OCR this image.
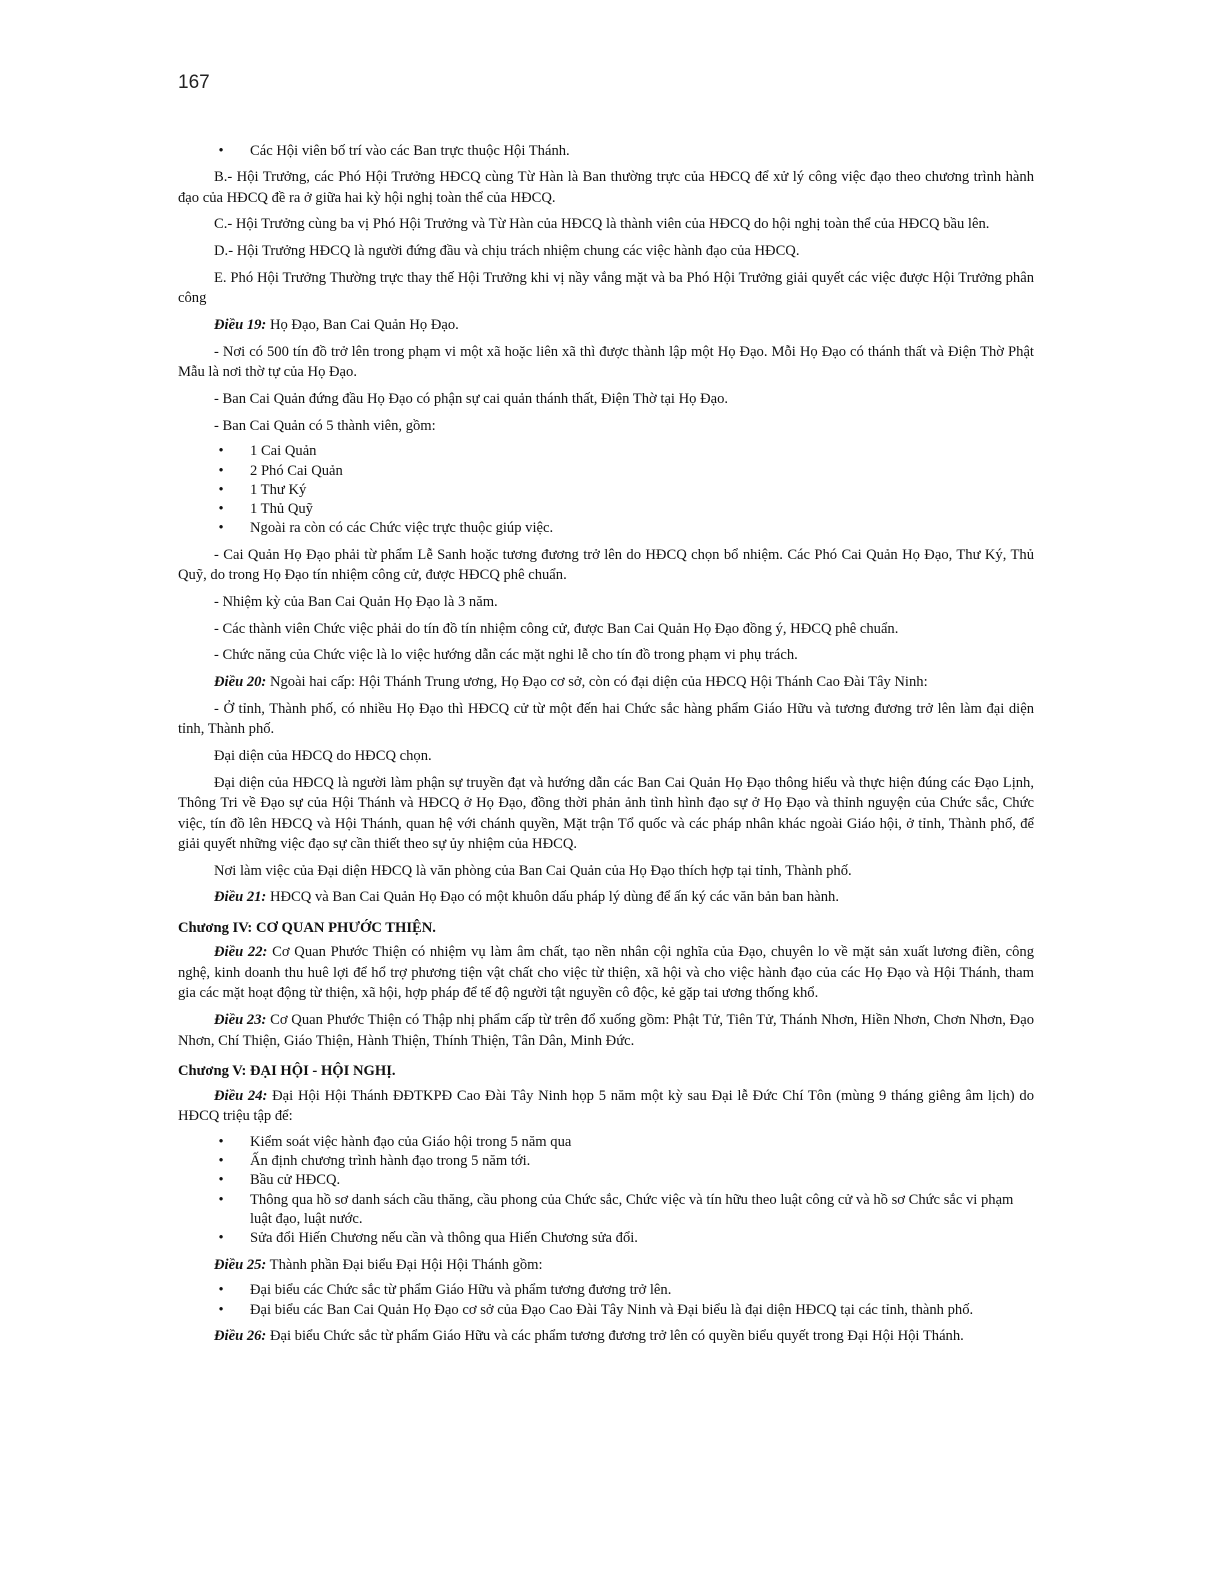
167
•	Các Hội viên bố trí vào các Ban trực thuộc Hội Thánh.

B.- Hội Trưởng, các Phó Hội Trưởng HĐCQ cùng Từ Hàn là Ban thường trực của HĐCQ để xử lý công việc đạo theo chương trình hành đạo của HĐCQ đề ra ở giữa hai kỳ hội nghị toàn thể của HĐCQ.

C.- Hội Trưởng cùng ba vị Phó Hội Trưởng và Từ Hàn của HĐCQ là thành viên của HĐCQ do hội nghị toàn thể của HĐCQ bầu lên.

D.- Hội Trưởng HĐCQ là người đứng đầu và chịu trách nhiệm chung các việc hành đạo của HĐCQ.

E. Phó Hội Trưởng Thường trực thay thế Hội Trưởng khi vị nầy vắng mặt và ba Phó Hội Trưởng giải quyết các việc được Hội Trưởng phân công

Điều 19: Họ Đạo, Ban Cai Quản Họ Đạo.

- Nơi có 500 tín đồ trở lên trong phạm vi một xã hoặc liên xã thì được thành lập một Họ Đạo. Mỗi Họ Đạo có thánh thất và Điện Thờ Phật Mẫu là nơi thờ tự của Họ Đạo.

- Ban Cai Quản đứng đầu Họ Đạo có phận sự cai quản thánh thất, Điện Thờ tại Họ Đạo.

- Ban Cai Quản có 5 thành viên, gồm:

•	1 Cai Quản
•	2 Phó Cai Quản
•	1 Thư Ký
•	1 Thủ Quỹ
•	Ngoài ra còn có các Chức việc trực thuộc giúp việc.

- Cai Quản Họ Đạo phải từ phẩm Lễ Sanh hoặc tương đương trở lên do HĐCQ chọn bổ nhiệm. Các Phó Cai Quản Họ Đạo, Thư Ký, Thủ Quỹ, do trong Họ Đạo tín nhiệm công cử, được HĐCQ phê chuẩn.

- Nhiệm kỳ của Ban Cai Quản Họ Đạo là 3 năm.

- Các thành viên Chức việc phải do tín đồ tín nhiệm công cử, được Ban Cai Quản Họ Đạo đồng ý, HĐCQ phê chuẩn.

- Chức năng của Chức việc là lo việc hướng dẫn các mặt nghi lễ cho tín đồ trong phạm vi phụ trách.

Điều 20: Ngoài hai cấp: Hội Thánh Trung ương, Họ Đạo cơ sở, còn có đại diện của HĐCQ Hội Thánh Cao Đài Tây Ninh:

- Ở tỉnh, Thành phố, có nhiều Họ Đạo thì HĐCQ cử từ một đến hai Chức sắc hàng phẩm Giáo Hữu và tương đương trở lên làm đại diện tỉnh, Thành phố.

Đại diện của HĐCQ do HĐCQ chọn.

Đại diện của HĐCQ là người làm phận sự truyền đạt và hướng dẫn các Ban Cai Quản Họ Đạo thông hiểu và thực hiện đúng các Đạo Lịnh, Thông Tri về Đạo sự của Hội Thánh và HĐCQ ở Họ Đạo, đồng thời phản ảnh tình hình đạo sự ở Họ Đạo và thỉnh nguyện của Chức sắc, Chức việc, tín đồ lên HĐCQ và Hội Thánh, quan hệ với chánh quyền, Mặt trận Tổ quốc và các pháp nhân khác ngoài Giáo hội, ở tỉnh, Thành phố, để giải quyết những việc đạo sự cần thiết theo sự ủy nhiệm của HĐCQ.

Nơi làm việc của Đại diện HĐCQ là văn phòng của Ban Cai Quản của Họ Đạo thích hợp tại tỉnh, Thành phố.

Điều 21: HĐCQ và Ban Cai Quản Họ Đạo có một khuôn dấu pháp lý dùng để ấn ký các văn bản ban hành.

Chương IV: CƠ QUAN PHƯỚC THIỆN.

Điều 22: Cơ Quan Phước Thiện có nhiệm vụ làm âm chất, tạo nền nhân cội nghĩa của Đạo, chuyên lo về mặt sản xuất lương điền, công nghệ, kinh doanh thu huê lợi để hổ trợ phương tiện vật chất cho việc từ thiện, xã hội và cho việc hành đạo của các Họ Đạo và Hội Thánh, tham gia các mặt hoạt động từ thiện, xã hội, hợp pháp để tế độ người tật nguyền cô độc, kẻ gặp tai ương thống khổ.

Điều 23: Cơ Quan Phước Thiện có Thập nhị phẩm cấp từ trên đổ xuống gồm: Phật Tử, Tiên Tử, Thánh Nhơn, Hiền Nhơn, Chơn Nhơn, Đạo Nhơn, Chí Thiện, Giáo Thiện, Hành Thiện, Thính Thiện, Tân Dân, Minh Đức.

Chương V: ĐẠI HỘI - HỘI NGHỊ.

Điều 24: Đại Hội Hội Thánh ĐĐTKPĐ Cao Đài Tây Ninh họp 5 năm một kỳ sau Đại lễ Đức Chí Tôn (mùng 9 tháng giêng âm lịch) do HĐCQ triệu tập để:

•	Kiểm soát việc hành đạo của Giáo hội trong 5 năm qua
•	Ấn định chương trình hành đạo trong 5 năm tới.
•	Bầu cử HĐCQ.
•	Thông qua hồ sơ danh sách cầu thăng, cầu phong của Chức sắc, Chức việc và tín hữu theo luật công cử và hồ sơ Chức sắc vi phạm luật đạo, luật nước.
•	Sửa đổi Hiến Chương nếu cần và thông qua Hiến Chương sửa đổi.

Điều 25: Thành phần Đại biểu Đại Hội Hội Thánh gồm:

•	Đại biểu các Chức sắc từ phẩm Giáo Hữu và phẩm tương đương trở lên.
•	Đại biểu các Ban Cai Quản Họ Đạo cơ sở của Đạo Cao Đài Tây Ninh và Đại biểu là đại diện HĐCQ tại các tỉnh, thành phố.

Điều 26: Đại biểu Chức sắc từ phẩm Giáo Hữu và các phẩm tương đương trở lên có quyền biểu quyết trong Đại Hội Hội Thánh.
